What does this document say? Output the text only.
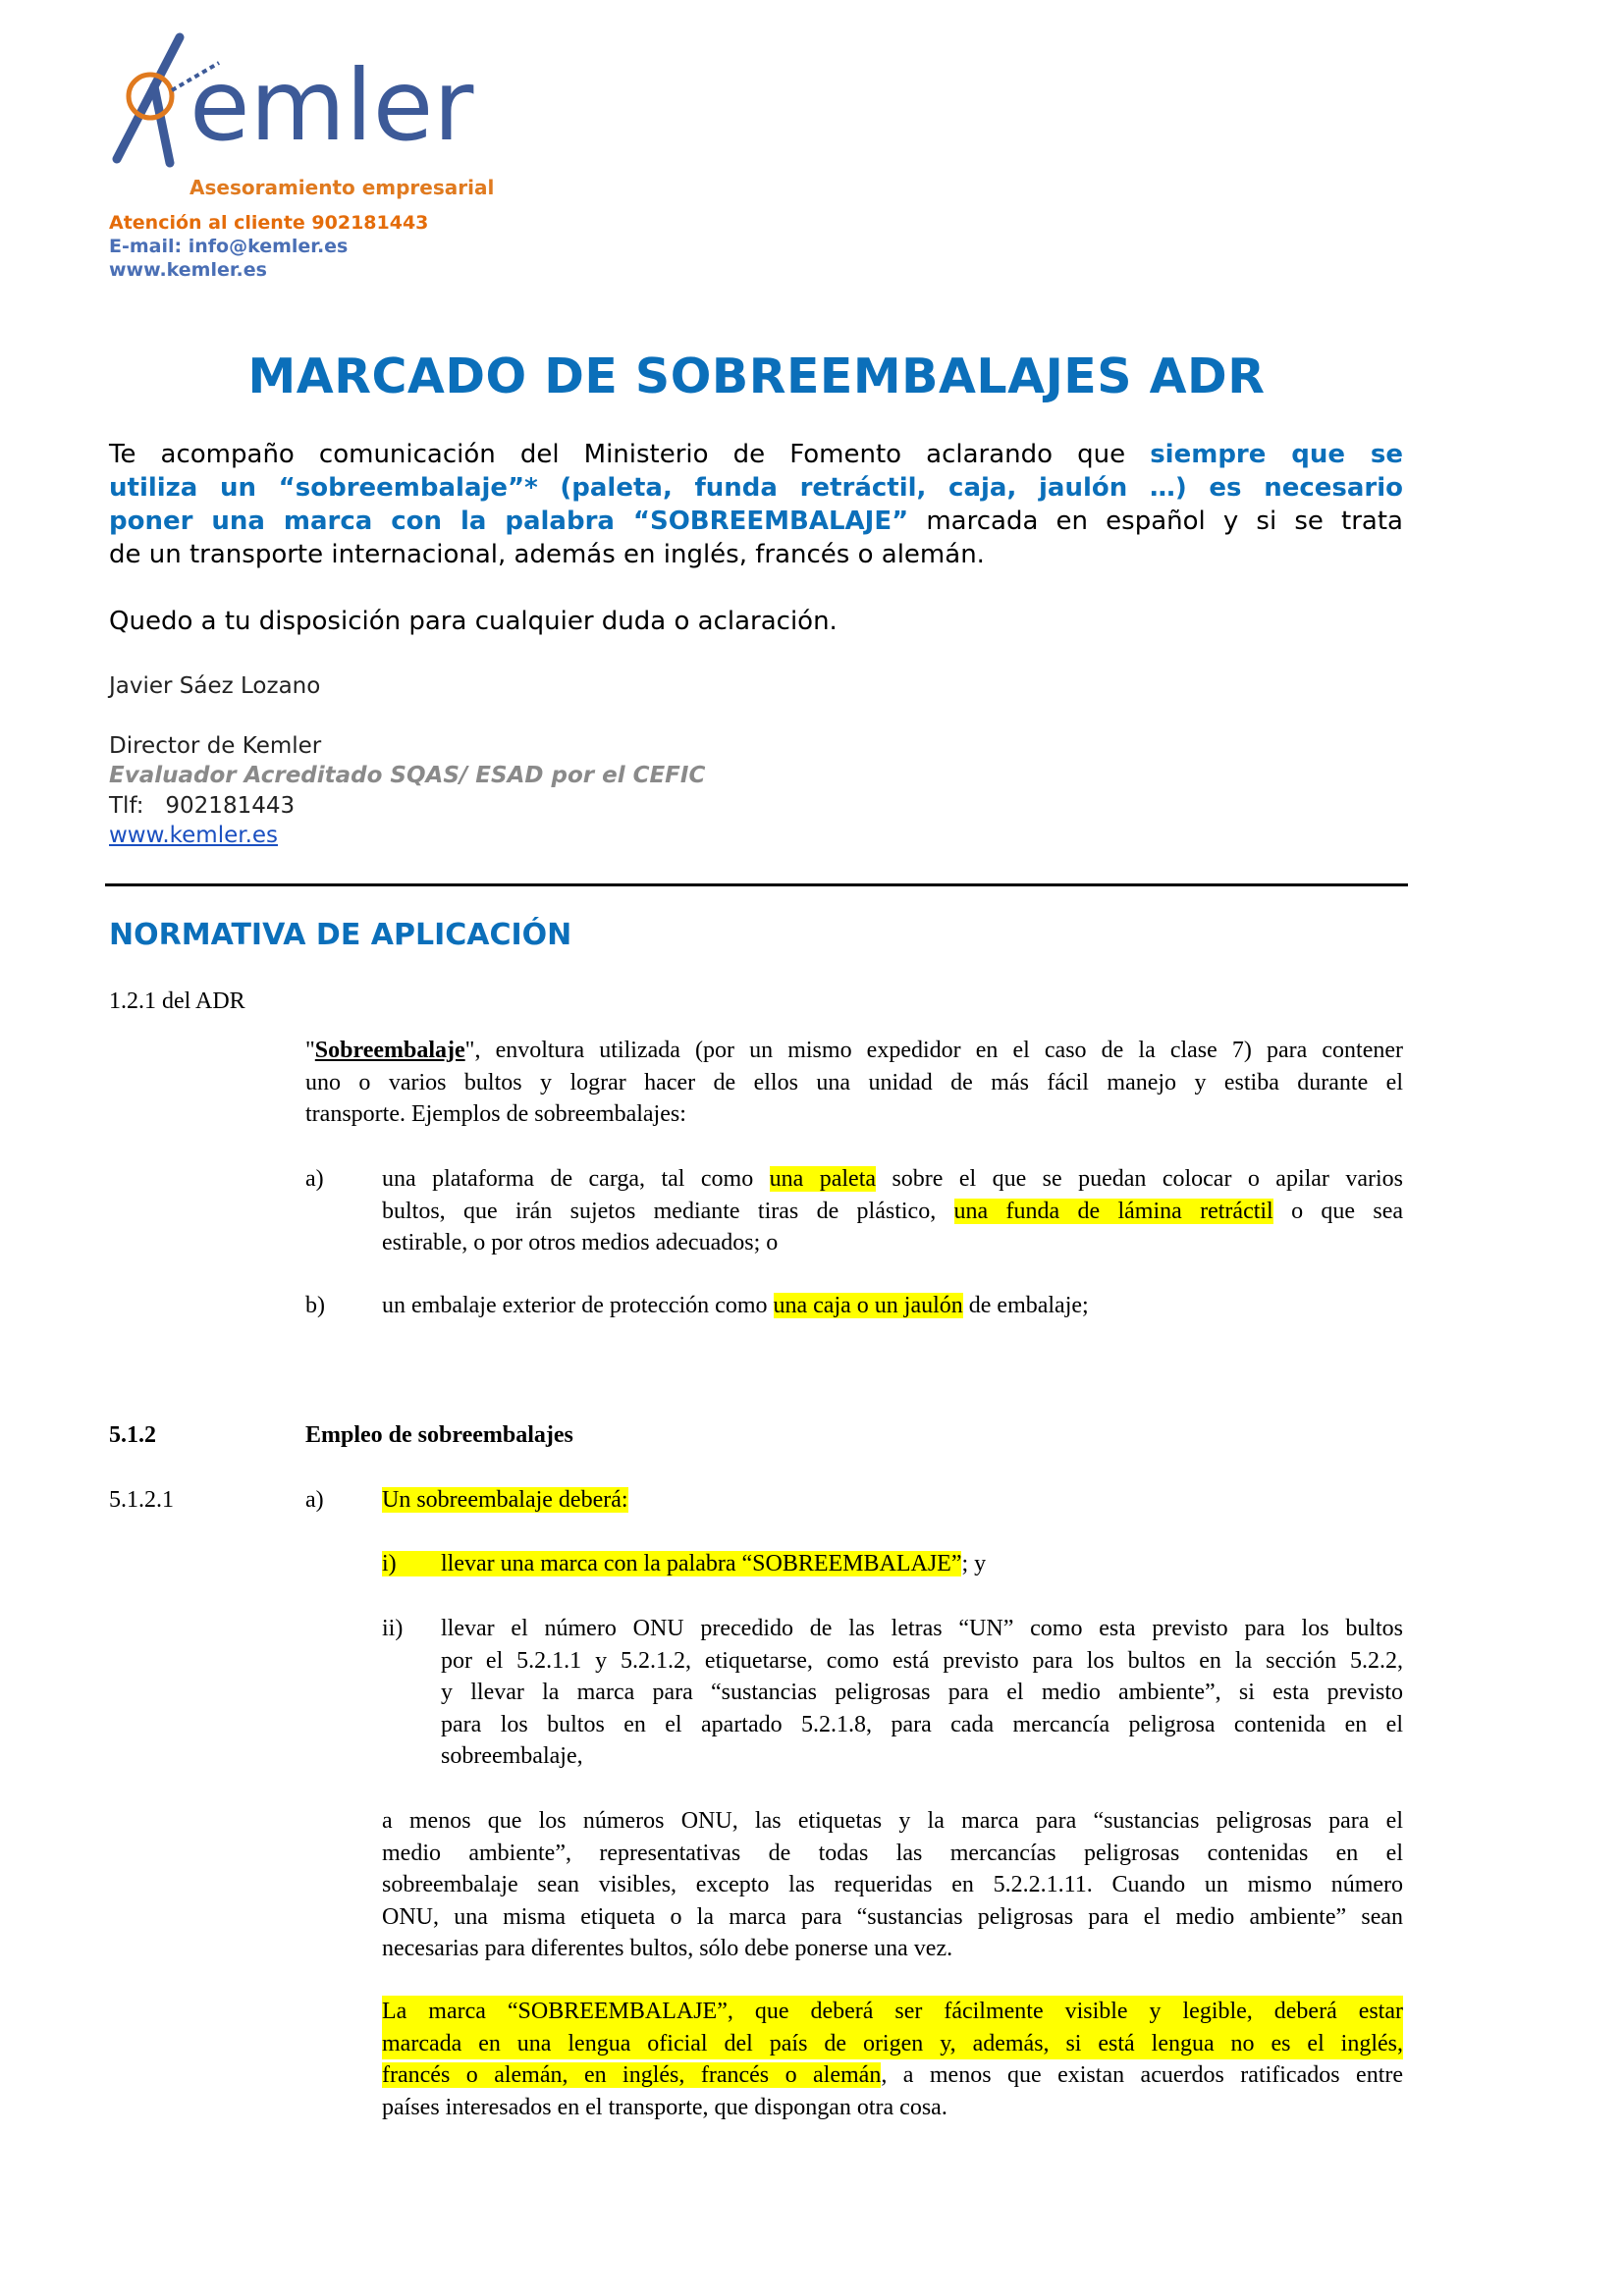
emler
Asesoramiento empresarial
Atención al cliente 902181443
E-mail: info@kemler.es
www.kemler.es
MARCADO DE SOBREEMBALAJES ADR
Te acompaño comunicación del Ministerio de Fomento aclarando que siempre que se
utiliza un “sobreembalaje”* (paleta, funda retráctil, caja, jaulón …) es necesario
poner una marca con la palabra “SOBREEMBALAJE” marcada en español y si se trata
de un transporte internacional, además en inglés, francés o alemán.
Quedo a tu disposición para cualquier duda o aclaración.
Javier Sáez Lozano
Director de Kemler
Evaluador Acreditado SQAS/ ESAD por el CEFIC
Tlf: 902181443
www.kemler.es
NORMATIVA DE APLICACIÓN
1.2.1 del ADR
"Sobreembalaje", envoltura utilizada (por un mismo expedidor en el caso de la clase 7) para contener
uno o varios bultos y lograr hacer de ellos una unidad de más fácil manejo y estiba durante el
transporte. Ejemplos de sobreembalajes:
a) una plataforma de carga, tal como una paleta sobre el que se puedan colocar o apilar varios
bultos, que irán sujetos mediante tiras de plástico, una funda de lámina retráctil o que sea
estirable, o por otros medios adecuados; o
b) un embalaje exterior de protección como una caja o un jaulón de embalaje;
5.1.2	Empleo de sobreembalajes
5.1.2.1	a) Un sobreembalaje deberá:
i) llevar una marca con la palabra “SOBREEMBALAJE”; y
ii) llevar el número ONU precedido de las letras “UN” como esta previsto para los bultos
por el 5.2.1.1 y 5.2.1.2, etiquetarse, como está previsto para los bultos en la sección 5.2.2,
y llevar la marca para “sustancias peligrosas para el medio ambiente”, si esta previsto
para los bultos en el apartado 5.2.1.8, para cada mercancía peligrosa contenida en el
sobreembalaje,
a menos que los números ONU, las etiquetas y la marca para “sustancias peligrosas para el
medio ambiente”, representativas de todas las mercancías peligrosas contenidas en el
sobreembalaje sean visibles, excepto las requeridas en 5.2.2.1.11. Cuando un mismo número
ONU, una misma etiqueta o la marca para “sustancias peligrosas para el medio ambiente” sean
necesarias para diferentes bultos, sólo debe ponerse una vez.
La marca “SOBREEMBALAJE”, que deberá ser fácilmente visible y legible, deberá estar
marcada en una lengua oficial del país de origen y, además, si está lengua no es el inglés,
francés o alemán, en inglés, francés o alemán, a menos que existan acuerdos ratificados entre
países interesados en el transporte, que dispongan otra cosa.
